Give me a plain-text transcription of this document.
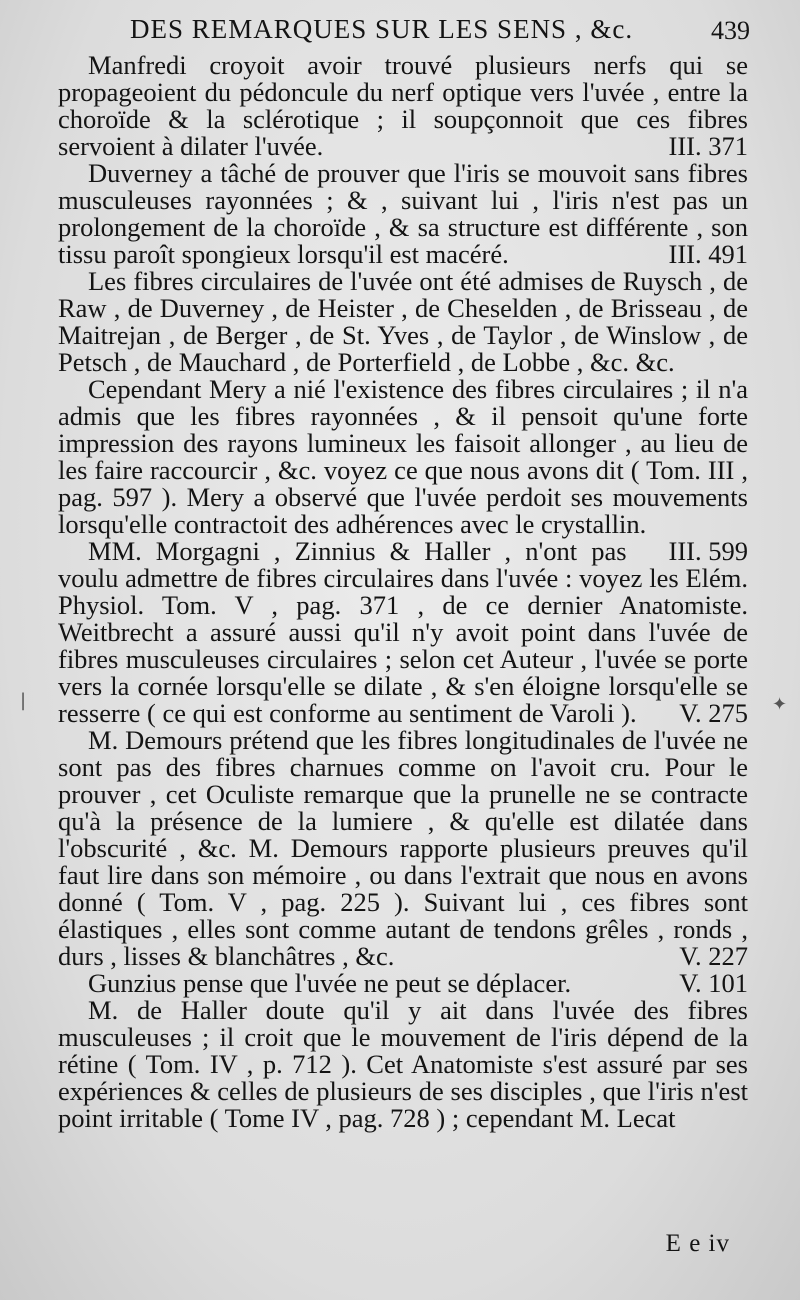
DES REMARQUES SUR LES SENS , &c.	439

Manfredi croyoit avoir trouvé plusieurs nerfs qui se propageoient du pédoncule du nerf optique vers l'uvée , entre la choroïde & la sclérotique ; il soupçonnoit que ces fibres servoient à dilater l'uvée.	III. 371

Duverney a tâché de prouver que l'iris se mouvoit sans fibres musculeuses rayonnées ; & , suivant lui , l'iris n'est pas un prolongement de la choroïde , & sa structure est différente , son tissu paroît spongieux lorsqu'il est macéré.	III. 491

Les fibres circulaires de l'uvée ont été admises de Ruysch , de Raw , de Duverney , de Heister , de Cheselden , de Brisseau , de Maitrejan , de Berger , de St. Yves , de Taylor , de Winslow , de Petsch , de Mauchard , de Porterfield , de Lobbe , &c. &c.

Cependant Mery a nié l'existence des fibres circulaires ; il n'a admis que les fibres rayonnées , & il pensoit qu'une forte impression des rayons lumineux les faisoit allonger , au lieu de les faire raccourcir , &c. voyez ce que nous avons dit ( Tom. III , pag. 597 ). Mery a observé que l'uvée perdoit ses mouvements lorsqu'elle contractoit des adhérences avec le crystallin.
III. 599

MM. Morgagni , Zinnius & Haller , n'ont pas voulu admettre de fibres circulaires dans l'uvée : voyez les Elém. Physiol. Tom. V , pag. 371 , de ce dernier Anatomiste. Weitbrecht a assuré aussi qu'il n'y avoit point dans l'uvée de fibres musculeuses circulaires ; selon cet Auteur , l'uvée se porte vers la cornée lorsqu'elle se dilate , & s'en éloigne lorsqu'elle se resserre ( ce qui est conforme au sentiment de Varoli ).	V. 275

M. Demours prétend que les fibres longitudinales de l'uvée ne sont pas des fibres charnues comme on l'avoit cru. Pour le prouver , cet Oculiste remarque que la prunelle ne se contracte qu'à la présence de la lumiere , & qu'elle est dilatée dans l'obscurité , &c. M. Demours rapporte plusieurs preuves qu'il faut lire dans son mémoire , ou dans l'extrait que nous en avons donné ( Tom. V , pag. 225 ). Suivant lui , ces fibres sont élastiques , elles sont comme autant de tendons grêles , ronds , durs , lisses & blanchâtres , &c.	V. 227

Gunzius pense que l'uvée ne peut se déplacer.	V. 101

M. de Haller doute qu'il y ait dans l'uvée des fibres musculeuses ; il croit que le mouvement de l'iris dépend de la rétine ( Tom. IV , p. 712 ). Cet Anatomiste s'est assuré par ses expériences & celles de plusieurs de ses disciples , que l'iris n'est point irritable ( Tome IV , pag. 728 ) ; cependant M. Lecat

E e iv
|	✦
